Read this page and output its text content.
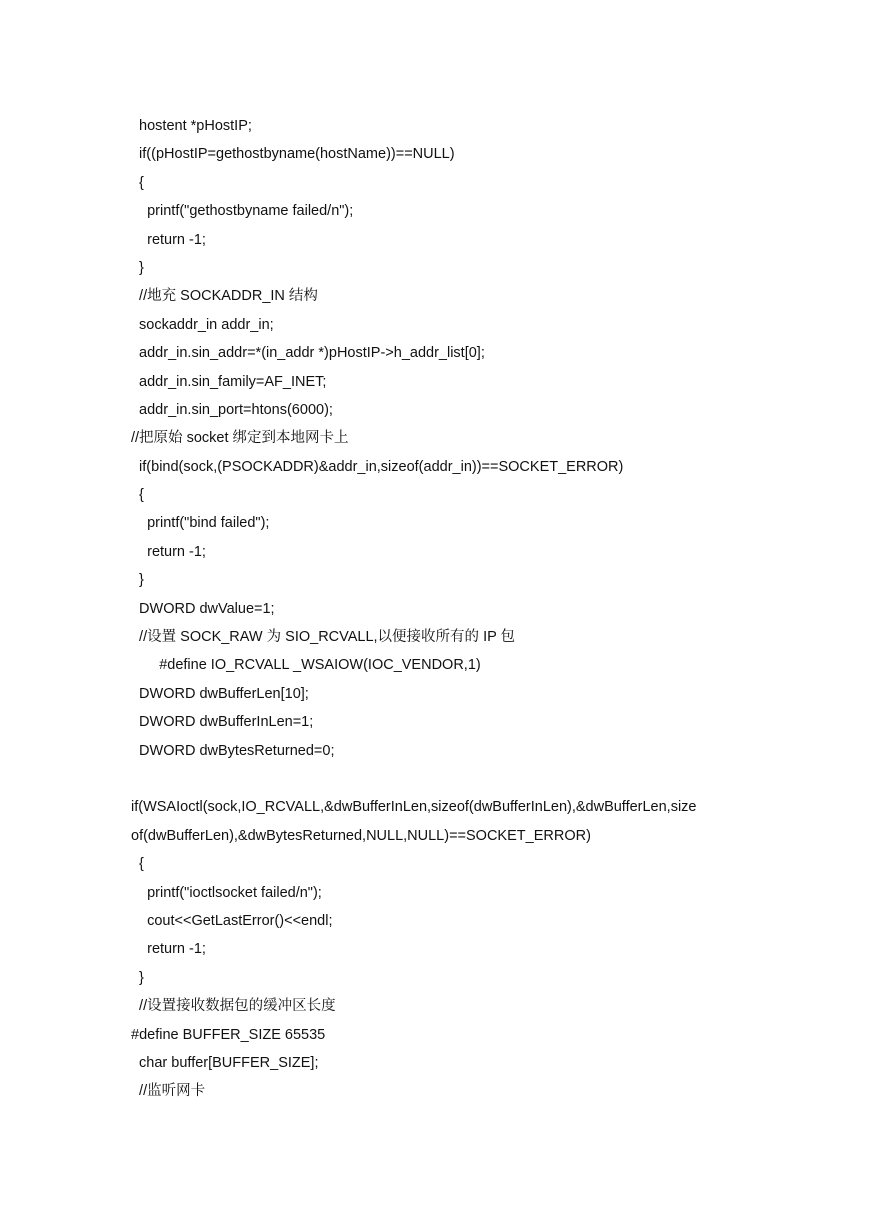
hostent *pHostIP;
if((pHostIP=gethostbyname(hostName))==NULL)
{
printf("gethostbyname failed/n");
return -1;
}
//地充 SOCKADDR_IN 结构
sockaddr_in addr_in;
addr_in.sin_addr=*(in_addr *)pHostIP->h_addr_list[0];
addr_in.sin_family=AF_INET;
addr_in.sin_port=htons(6000);
//把原始 socket 绑定到本地网卡上
if(bind(sock,(PSOCKADDR)&addr_in,sizeof(addr_in))==SOCKET_ERROR)
{
printf("bind failed");
return -1;
}
DWORD dwValue=1;
//设置 SOCK_RAW 为 SIO_RCVALL,以便接收所有的 IP 包
#define IO_RCVALL _WSAIOW(IOC_VENDOR,1)
DWORD dwBufferLen[10];
DWORD dwBufferInLen=1;
DWORD dwBytesReturned=0;
if(WSAIoctl(sock,IO_RCVALL,&dwBufferInLen,sizeof(dwBufferInLen),&dwBufferLen,size
of(dwBufferLen),&dwBytesReturned,NULL,NULL)==SOCKET_ERROR)
{
printf("ioctlsocket failed/n");
cout<<GetLastError()<<endl;
return -1;
}
//设置接收数据包的缓冲区长度
#define BUFFER_SIZE 65535
char buffer[BUFFER_SIZE];
//监听网卡
